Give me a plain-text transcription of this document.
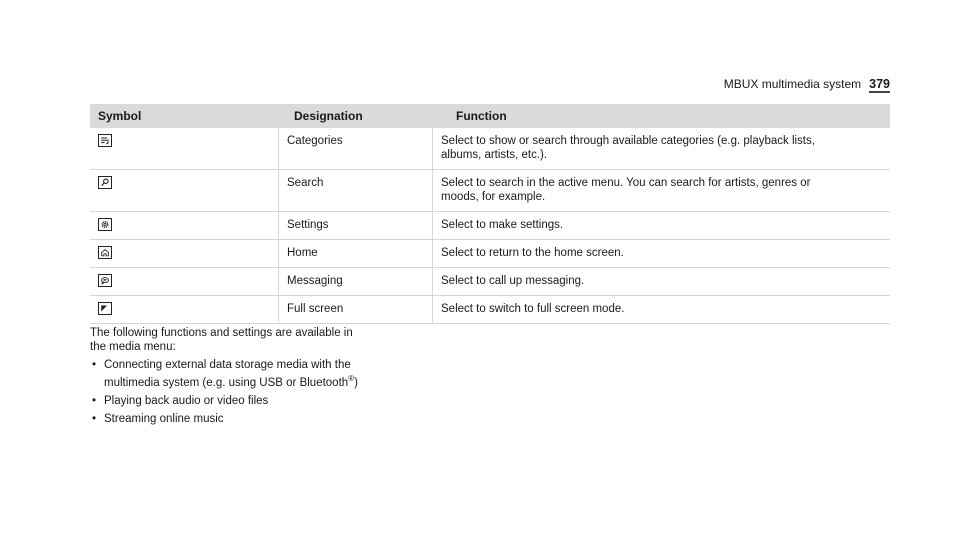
MBUX multimedia system 379
Symbol	Designation	Function
Categories	Select to show or search through available categories (e.g. playback lists, albums, artists, etc.).
Search	Select to search in the active menu. You can search for artists, genres or moods, for example.
Settings	Select to make settings.
Home	Select to return to the home screen.
Messaging	Select to call up messaging.
Full screen	Select to switch to full screen mode.

The following functions and settings are available in the media menu:

• Connecting external data storage media with the multimedia system (e.g. using USB or Bluetooth®)
• Playing back audio or video files
• Streaming online music
